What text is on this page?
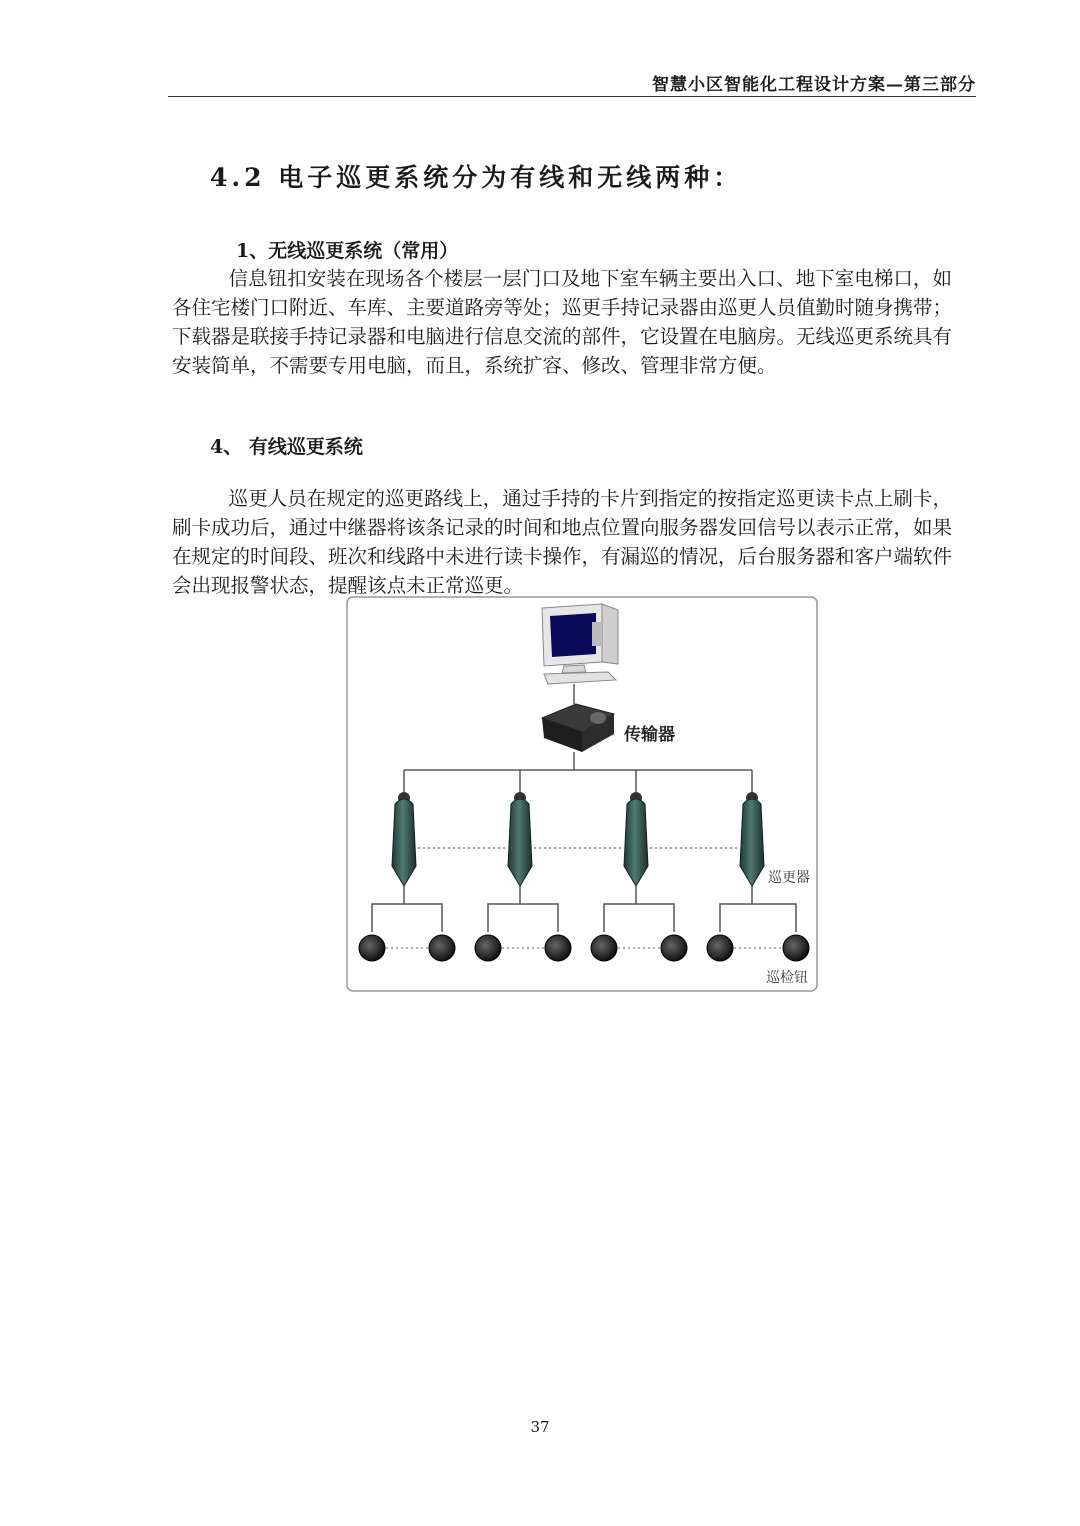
智慧小区智能化工程设计方案—第三部分
4.2 电子巡更系统分为有线和无线两种：
1、无线巡更系统（常用）

信息钮扣安装在现场各个楼层一层门口及地下室车辆主要出入口、地下室电梯口，如各住宅楼门口附近、车库、主要道路旁等处；巡更手持记录器由巡更人员值勤时随身携带；下载器是联接手持记录器和电脑进行信息交流的部件，它设置在电脑房。无线巡更系统具有安装简单，不需要专用电脑，而且，系统扩容、修改、管理非常方便。

4、 有线巡更系统

巡更人员在规定的巡更路线上，通过手持的卡片到指定的按指定巡更读卡点上刷卡，刷卡成功后，通过中继器将该条记录的时间和地点位置向服务器发回信号以表示正常，如果在规定的时间段、班次和线路中未进行读卡操作，有漏巡的情况，后台服务器和客户端软件会出现报警状态，提醒该点未正常巡更。

传输器
巡更器
巡检钮
37
